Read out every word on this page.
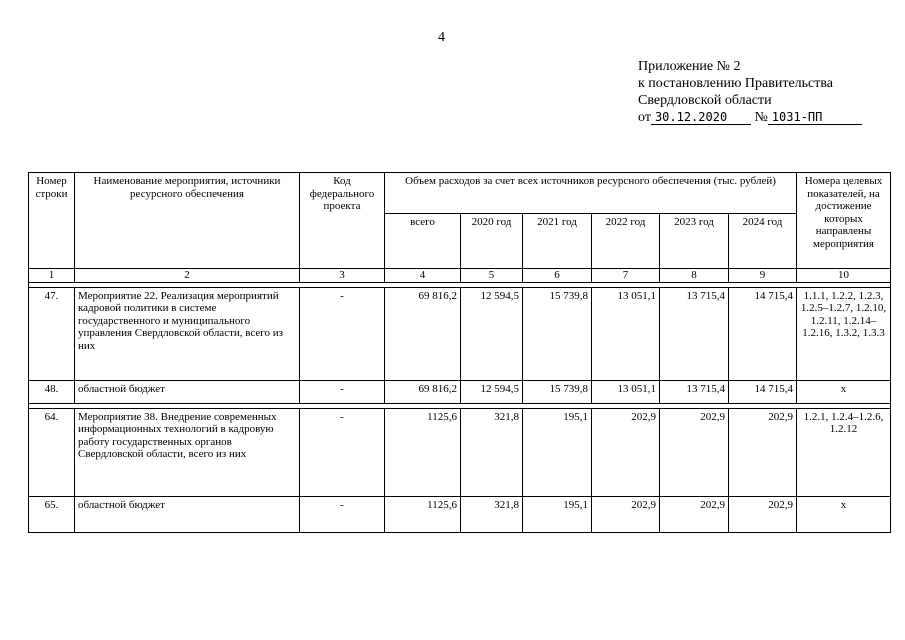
4
Приложение № 2
к постановлению Правительства
Свердловской области
от 30.12.2020 № 1031-ПП
Номер строки	Наименование мероприятия, источники ресурсного обеспечения	Код федерального проекта	Объем расходов за счет всех источников ресурсного обеспечения (тыс. рублей)						Номера целевых показателей, на достижение которых направлены мероприятия
			всего	2020 год	2021 год	2022 год	2023 год	2024 год	
1	2	3	4	5	6	7	8	9	10

47.	Мероприятие 22. Реализация мероприятий кадровой политики в системе государственного и муниципального управления Свердловской области, всего из них	-	69 816,2	12 594,5	15 739,8	13 051,1	13 715,4	14 715,4	1.1.1, 1.2.2, 1.2.3, 1.2.5–1.2.7, 1.2.10, 1.2.11, 1.2.14–1.2.16, 1.3.2, 1.3.3
48.	областной бюджет	-	69 816,2	12 594,5	15 739,8	13 051,1	13 715,4	14 715,4	x

64.	Мероприятие 38. Внедрение современных информационных технологий в кадровую работу государственных органов Свердловской области, всего из них	-	1125,6	321,8	195,1	202,9	202,9	202,9	1.2.1, 1.2.4–1.2.6, 1.2.12
65.	областной бюджет	-	1125,6	321,8	195,1	202,9	202,9	202,9	x
